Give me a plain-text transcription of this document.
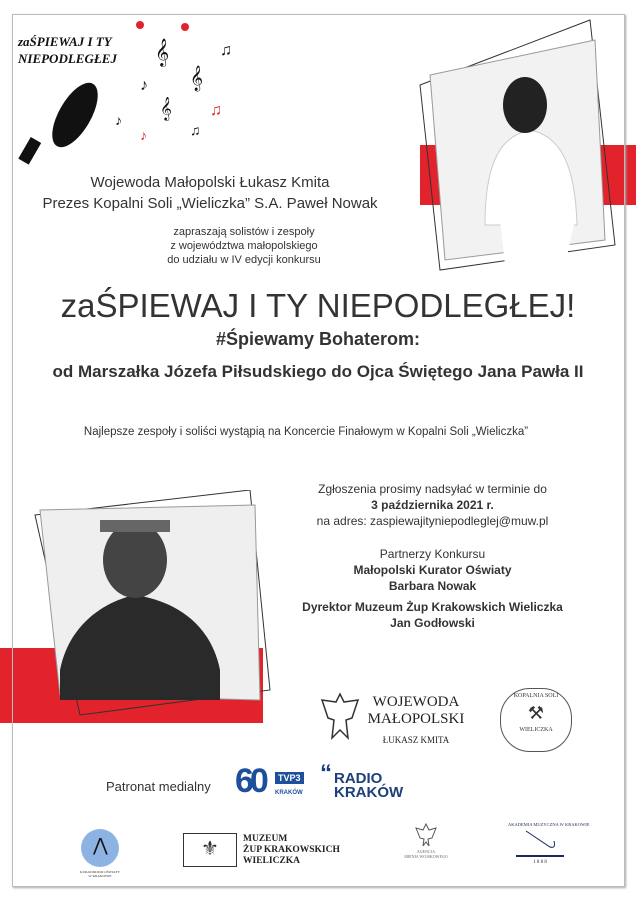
zaŚPIEWAJ I TY
NIEPODLEGŁEJ 𝄞
𝄞
♪
♫
𝄞 ♫
♪
♫
♪
Wojewoda Małopolski Łukasz Kmita
Prezes Kopalni Soli „Wieliczka” S.A. Paweł Nowak
zapraszają solistów i zespoły
z województwa małopolskiego
do udziału w IV edycji konkursu
zaŚPIEWAJ I TY NIEPODLEGŁEJ!
#Śpiewamy Bohaterom:
od Marszałka Józefa Piłsudskiego do Ojca Świętego Jana Pawła II
Najlepsze zespoły i soliści wystąpią na Koncercie Finałowym w Kopalni Soli „Wieliczka”
Zgłoszenia prosimy nadsyłać w terminie do
3 października 2021 r.
na adres: zaspiewajityniepodleglej@muw.pl
Partnerzy Konkursu
Małopolski Kurator Oświaty
Barbara Nowak
Dyrektor Muzeum Żup Krakowskich Wieliczka
Jan Godłowski
WOJEWODA
MAŁOPOLSKI
ŁUKASZ KMITA
KOPALNIA SOLI
⚒
WIELICZKA
Patronat medialny 60	TVP3
KRAKÓW
“ RADIO
KRAKÓW
⋀
KURATORIUM OŚWIATY
W KRAKOWIE
⚜	MUZEUM
ŻUP KRAKOWSKICH
WIELICZKA
AGENCJA
MIENIA WOJSKOWEGO
AKADEMIA MUZYCZNA W KRAKOWIE
1 8 8 8
